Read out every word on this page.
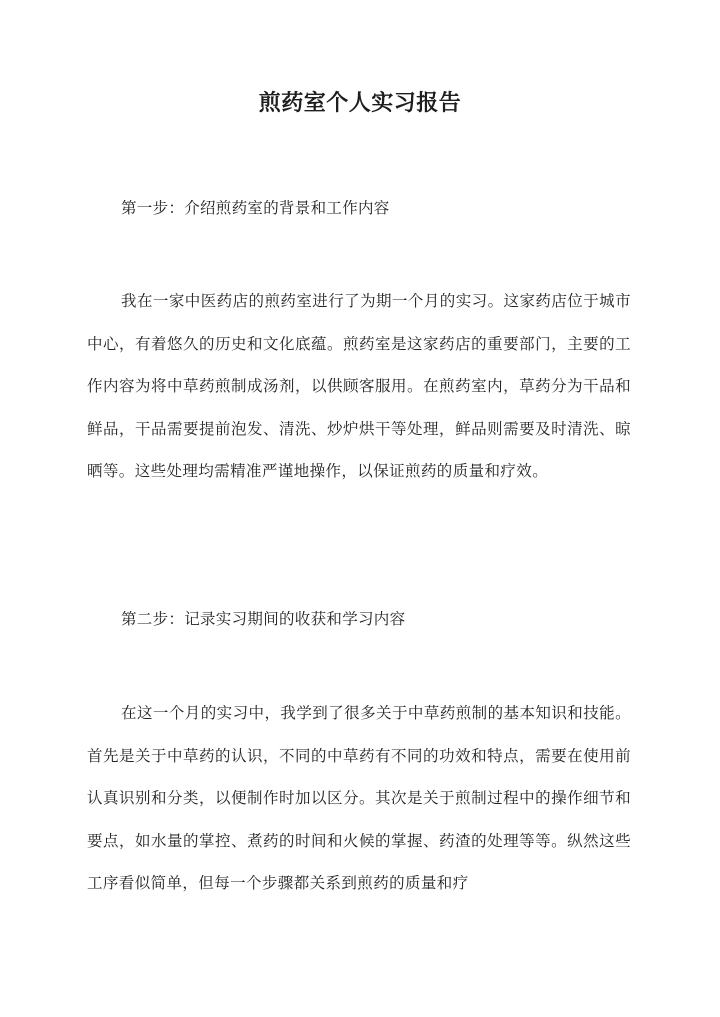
煎药室个人实习报告
第一步：介绍煎药室的背景和工作内容

我在一家中医药店的煎药室进行了为期一个月的实习。这家药店位于城市中心，有着悠久的历史和文化底蕴。煎药室是这家药店的重要部门，主要的工作内容为将中草药煎制成汤剂，以供顾客服用。在煎药室内，草药分为干品和鲜品，干品需要提前泡发、清洗、炒炉烘干等处理，鲜品则需要及时清洗、晾晒等。这些处理均需精准严谨地操作，以保证煎药的质量和疗效。

第二步：记录实习期间的收获和学习内容

在这一个月的实习中，我学到了很多关于中草药煎制的基本知识和技能。首先是关于中草药的认识，不同的中草药有不同的功效和特点，需要在使用前认真识别和分类，以便制作时加以区分。其次是关于煎制过程中的操作细节和要点，如水量的掌控、煮药的时间和火候的掌握、药渣的处理等等。纵然这些工序看似简单，但每一个步骤都关系到煎药的质量和疗
